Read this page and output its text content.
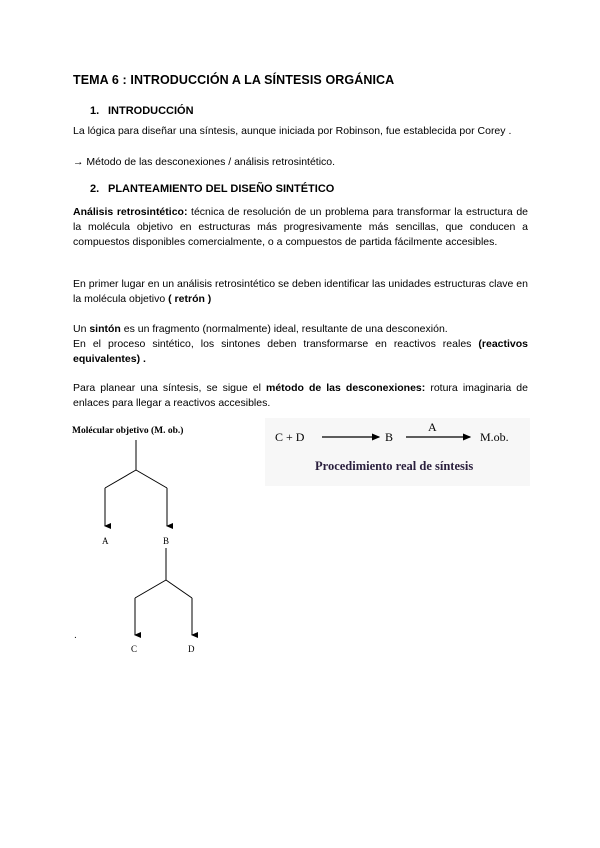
TEMA 6 : INTRODUCCIÓN A LA SÍNTESIS ORGÁNICA
1. INTRODUCCIÓN
La lógica para diseñar una síntesis, aunque iniciada por Robinson, fue establecida por Corey .
→ Método de las desconexiones / análisis retrosintético.
2. PLANTEAMIENTO DEL DISEÑO SINTÉTICO
Análisis retrosintético: técnica de resolución de un problema para transformar la estructura de la molécula objetivo en estructuras más progresivamente más sencillas, que conducen a compuestos disponibles comercialmente, o a compuestos de partida fácilmente accesibles.
En primer lugar en un análisis retrosintético se deben identificar las unidades estructuras clave en la molécula objetivo ( retrón )
Un sintón es un fragmento (normalmente) ideal, resultante de una desconexión.
En el proceso sintético, los sintones deben transformarse en reactivos reales (reactivos equivalentes) .
Para planear una síntesis, se sigue el método de las desconexiones: rotura imaginaria de enlaces para llegar a reactivos accesibles.
Molécular objetivo (M. ob.)
A	B
C	D
.
C + D	B
A
M.ob.
Procedimiento real de síntesis
